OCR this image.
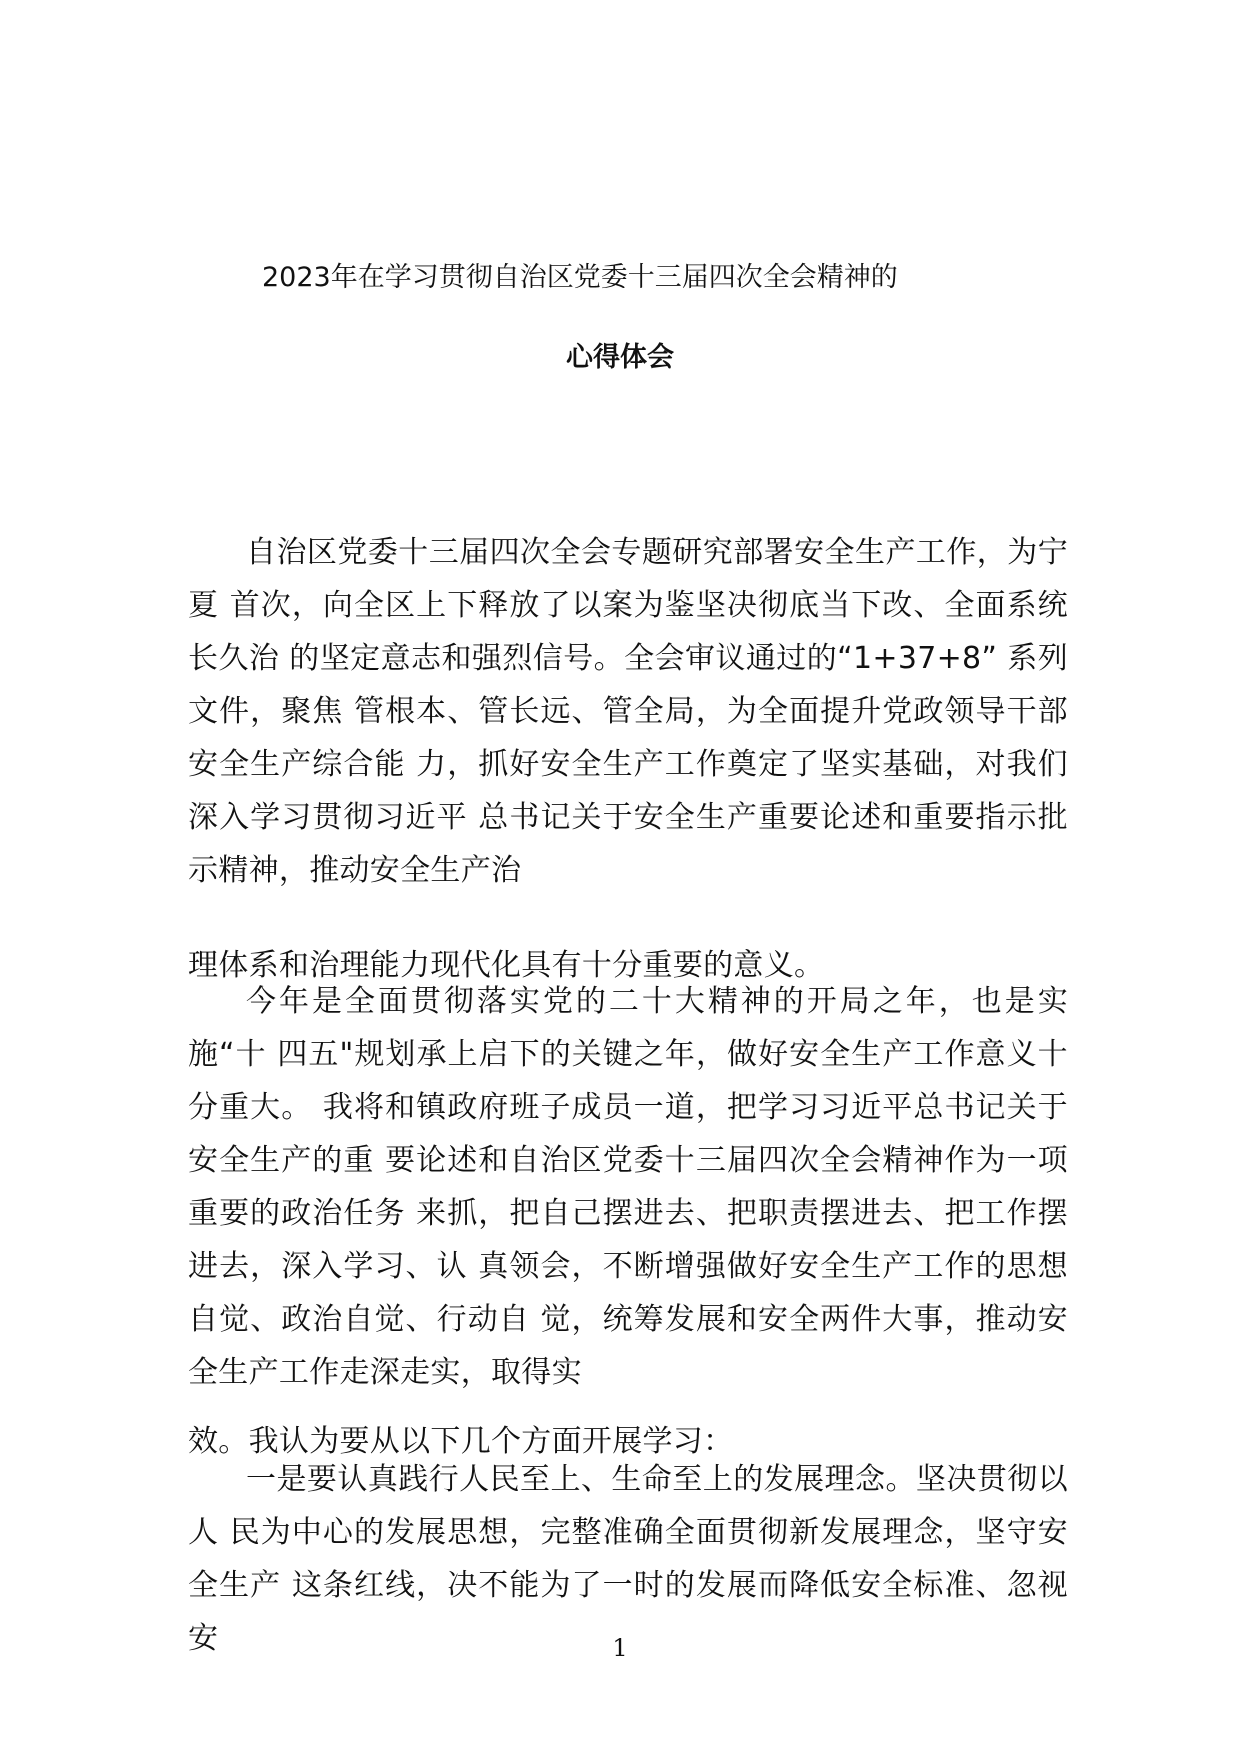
2023年在学习贯彻自治区党委十三届四次全会精神的
心得体会

自治区党委十三届四次全会专题研究部署安全生产工作，为宁夏 首次，向全区上下释放了以案为鉴坚决彻底当下改、全面系统长久治 的坚定意志和强烈信号。全会审议通过的“1+37+8” 系列文件，聚焦 管根本、管长远、管全局，为全面提升党政领导干部安全生产综合能 力，抓好安全生产工作奠定了坚实基础，对我们深入学习贯彻习近平 总书记关于安全生产重要论述和重要指示批示精神，推动安全生产治

理体系和治理能力现代化具有十分重要的意义。

今年是全面贯彻落实党的二十大精神的开局之年，也是实施“十 四五"规划承上启下的关键之年，做好安全生产工作意义十分重大。 我将和镇政府班子成员一道，把学习习近平总书记关于安全生产的重 要论述和自治区党委十三届四次全会精神作为一项重要的政治任务 来抓，把自己摆进去、把职责摆进去、把工作摆进去，深入学习、认 真领会，不断增强做好安全生产工作的思想自觉、政治自觉、行动自 觉，统筹发展和安全两件大事，推动安全生产工作走深走实，取得实

效。我认为要从以下几个方面开展学习：

一是要认真践行人民至上、生命至上的发展理念。坚决贯彻以人 民为中心的发展思想，完整准确全面贯彻新发展理念，坚守安全生产 这条红线，决不能为了一时的发展而降低安全标准、忽视安	1
